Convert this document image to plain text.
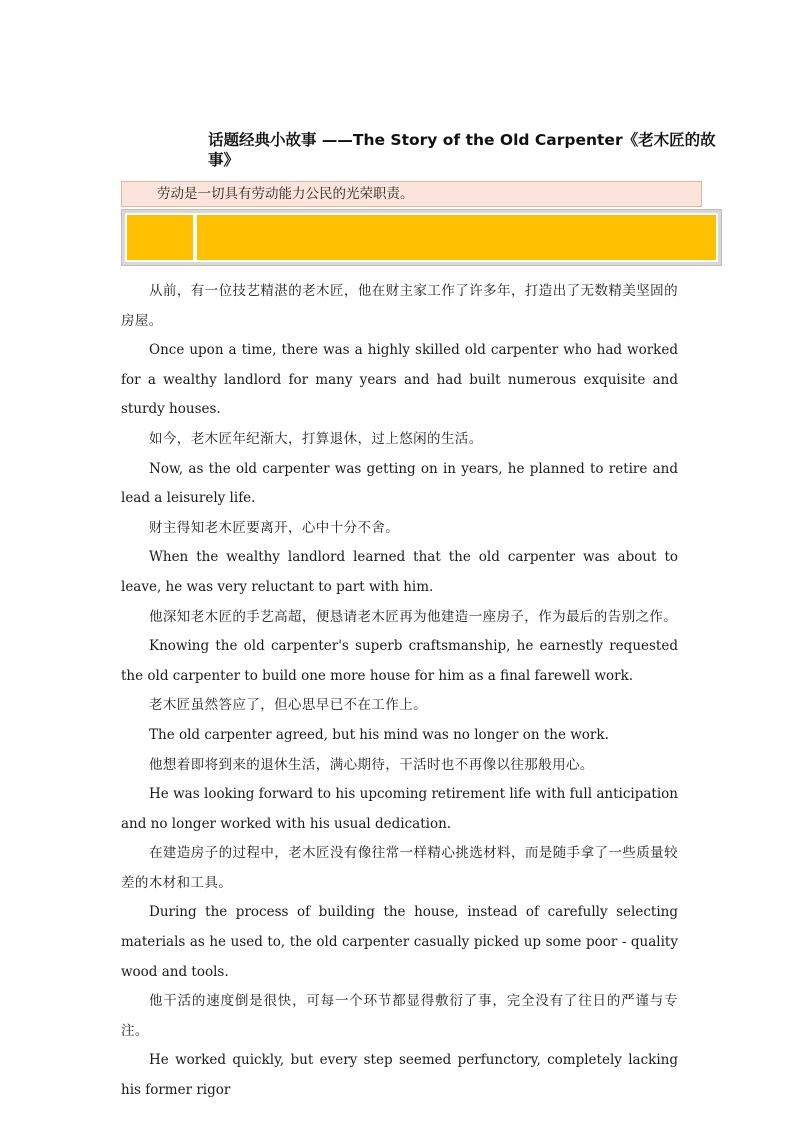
话题经典小故事 ——The Story of the Old Carpenter《老木匠的故事》
劳动是一切具有劳动能力公民的光荣职责。

从前，有一位技艺精湛的老木匠，他在财主家工作了许多年，打造出了无数精美坚固的房屋。

Once upon a time, there was a highly skilled old carpenter who had worked for a wealthy landlord for many years and had built numerous exquisite and sturdy houses.

如今，老木匠年纪渐大，打算退休，过上悠闲的生活。

Now, as the old carpenter was getting on in years, he planned to retire and lead a leisurely life.

财主得知老木匠要离开，心中十分不舍。

When the wealthy landlord learned that the old carpenter was about to leave, he was very reluctant to part with him.

他深知老木匠的手艺高超，便恳请老木匠再为他建造一座房子，作为最后的告别之作。

Knowing the old carpenter's superb craftsmanship, he earnestly requested the old carpenter to build one more house for him as a final farewell work.

老木匠虽然答应了，但心思早已不在工作上。

The old carpenter agreed, but his mind was no longer on the work.

他想着即将到来的退休生活，满心期待，干活时也不再像以往那般用心。

He was looking forward to his upcoming retirement life with full anticipation and no longer worked with his usual dedication.

在建造房子的过程中，老木匠没有像往常一样精心挑选材料，而是随手拿了一些质量较差的木材和工具。

During the process of building the house, instead of carefully selecting materials as he used to, the old carpenter casually picked up some poor - quality wood and tools.

他干活的速度倒是很快，可每一个环节都显得敷衍了事，完全没有了往日的严谨与专注。

He worked quickly, but every step seemed perfunctory, completely lacking his former rigor
